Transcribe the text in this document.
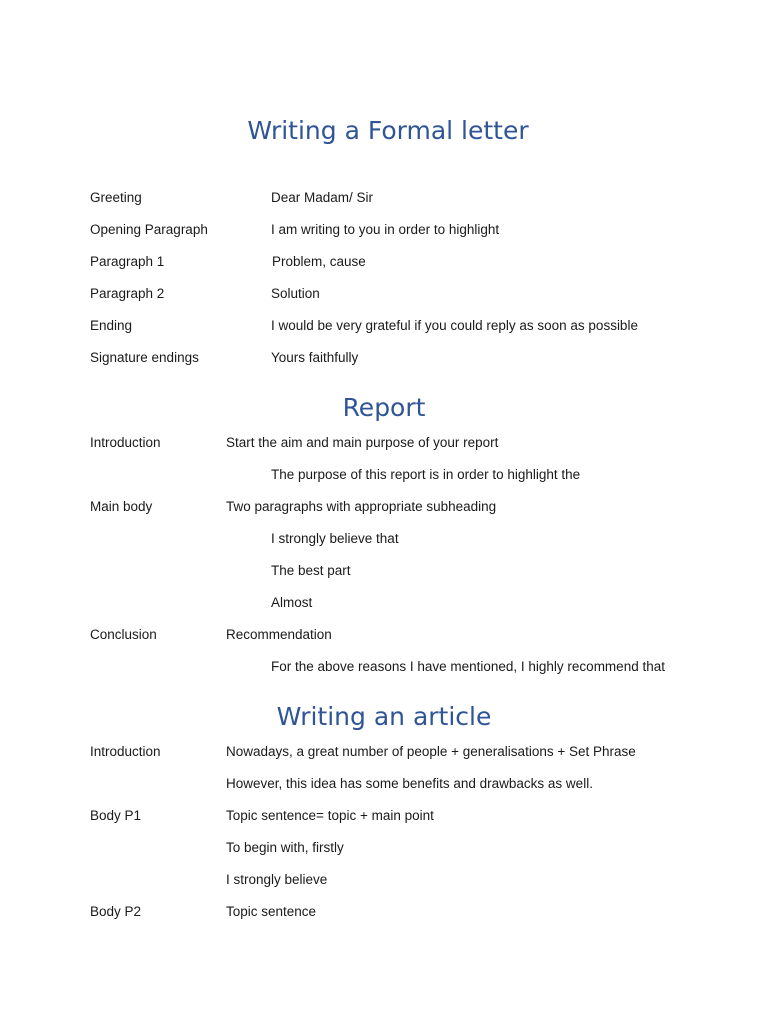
Writing a Formal letter
Greeting	Dear Madam/ Sir
Opening Paragraph	I am writing to you in order to highlight
Paragraph 1	Problem, cause
Paragraph 2	Solution
Ending	I would be very grateful if you could reply as soon as possible
Signature endings	Yours faithfully
Report
Introduction	Start the aim and main purpose of your report
The purpose of this report is in order to highlight the
Main body	Two paragraphs with appropriate subheading
I strongly believe that
The best part
Almost
Conclusion	Recommendation
For the above reasons I have mentioned, I highly recommend that
Writing an article
Introduction	Nowadays, a great number of people + generalisations + Set Phrase
However, this idea has some benefits and drawbacks as well.
Body P1	Topic sentence= topic + main point
To begin with, firstly
I strongly believe
Body P2	Topic sentence
